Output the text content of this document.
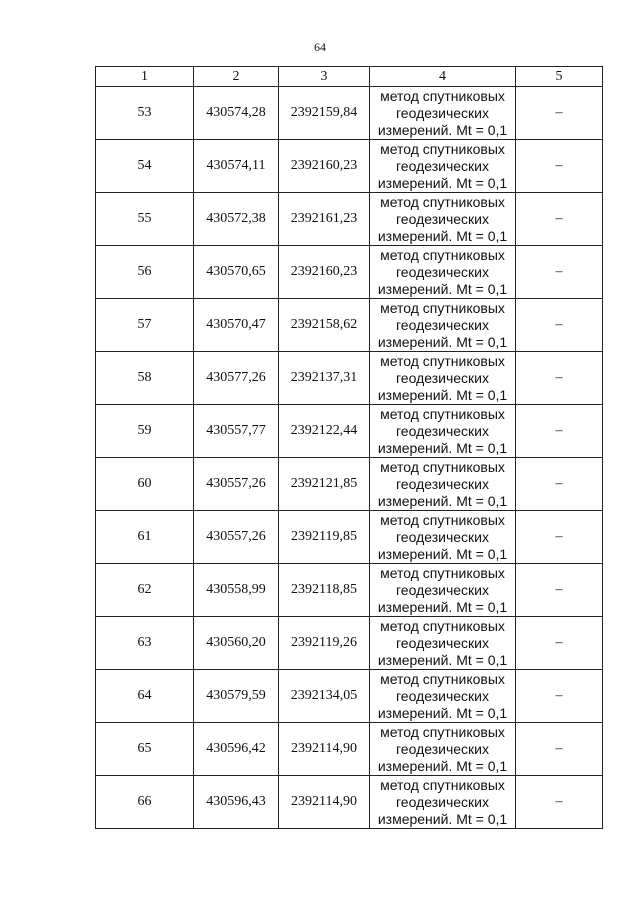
64
1	2	3	4	5
53	430574,28	2392159,84	метод спутниковых
геодезических
измерений. Mt = 0,1	–
54	430574,11	2392160,23	метод спутниковых
геодезических
измерений. Mt = 0,1	–
55	430572,38	2392161,23	метод спутниковых
геодезических
измерений. Mt = 0,1	–
56	430570,65	2392160,23	метод спутниковых
геодезических
измерений. Mt = 0,1	–
57	430570,47	2392158,62	метод спутниковых
геодезических
измерений. Mt = 0,1	–
58	430577,26	2392137,31	метод спутниковых
геодезических
измерений. Mt = 0,1	–
59	430557,77	2392122,44	метод спутниковых
геодезических
измерений. Mt = 0,1	–
60	430557,26	2392121,85	метод спутниковых
геодезических
измерений. Mt = 0,1	–
61	430557,26	2392119,85	метод спутниковых
геодезических
измерений. Mt = 0,1	–
62	430558,99	2392118,85	метод спутниковых
геодезических
измерений. Mt = 0,1	–
63	430560,20	2392119,26	метод спутниковых
геодезических
измерений. Mt = 0,1	–
64	430579,59	2392134,05	метод спутниковых
геодезических
измерений. Mt = 0,1	–
65	430596,42	2392114,90	метод спутниковых
геодезических
измерений. Mt = 0,1	–
66	430596,43	2392114,90	метод спутниковых
геодезических
измерений. Mt = 0,1	–
